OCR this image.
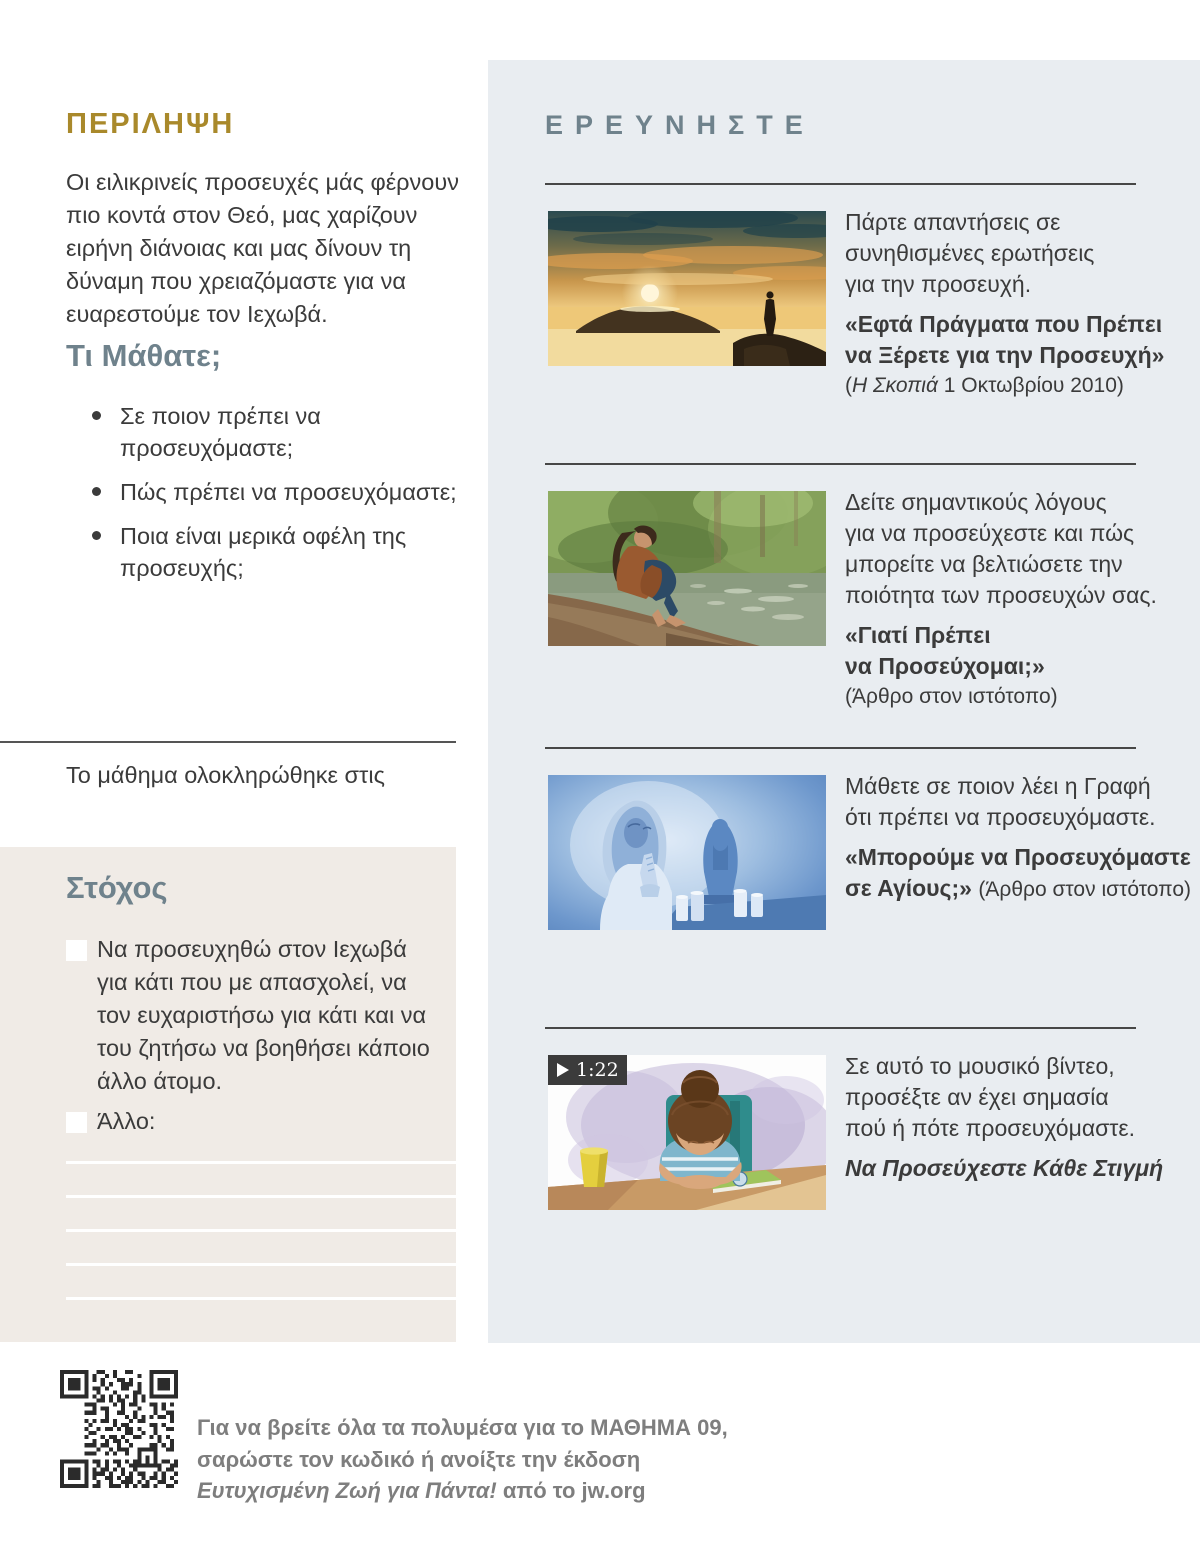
ΠΕΡΙΛΗΨΗ
Οι ειλικρινείς προσευχές μάς φέρνουν πιο κοντά στον Θεό, μας χαρίζουν ειρήνη διάνοιας και μας δίνουν τη δύναμη που χρειαζόμαστε για να ευαρεστούμε τον Ιεχωβά.
Τι Μάθατε;
Σε ποιον πρέπει να προσευχόμαστε;
Πώς πρέπει να προσευχόμαστε;
Ποια είναι μερικά οφέλη της προσευχής;
Το μάθημα ολοκληρώθηκε στις
Στόχος
Να προσευχηθώ στον Ιεχωβά για κάτι που με απασχολεί, να τον ευχαριστήσω για κάτι και να του ζητήσω να βοηθήσει κάποιο άλλο άτομο.
Άλλο:
Για να βρείτε όλα τα πολυμέσα για το ΜΑΘΗΜΑ 09,
σαρώστε τον κωδικό ή ανοίξτε την έκδοση
Ευτυχισμένη Ζωή για Πάντα! από το jw.org
ΕΡΕΥΝΗΣΤΕ
Πάρτε απαντήσεις σε
συνηθισμένες ερωτήσεις
για την προσευχή.
«Εφτά Πράγματα που Πρέπει
να Ξέρετε για την Προσευχή»
(Η Σκοπιά 1 Οκτωβρίου 2010)
Δείτε σημαντικούς λόγους
για να προσεύχεστε και πώς
μπορείτε να βελτιώσετε την
ποιότητα των προσευχών σας.
«Γιατί Πρέπει
να Προσεύχομαι;»
(Άρθρο στον ιστότοπο)
Μάθετε σε ποιον λέει η Γραφή
ότι πρέπει να προσευχόμαστε.
«Μπορούμε να Προσευχόμαστε
σε Αγίους;» (Άρθρο στον ιστότοπο)
1:22	Σε αυτό το μουσικό βίντεο,
προσέξτε αν έχει σημασία
πού ή πότε προσευχόμαστε.
Να Προσεύχεστε Κάθε Στιγμή
